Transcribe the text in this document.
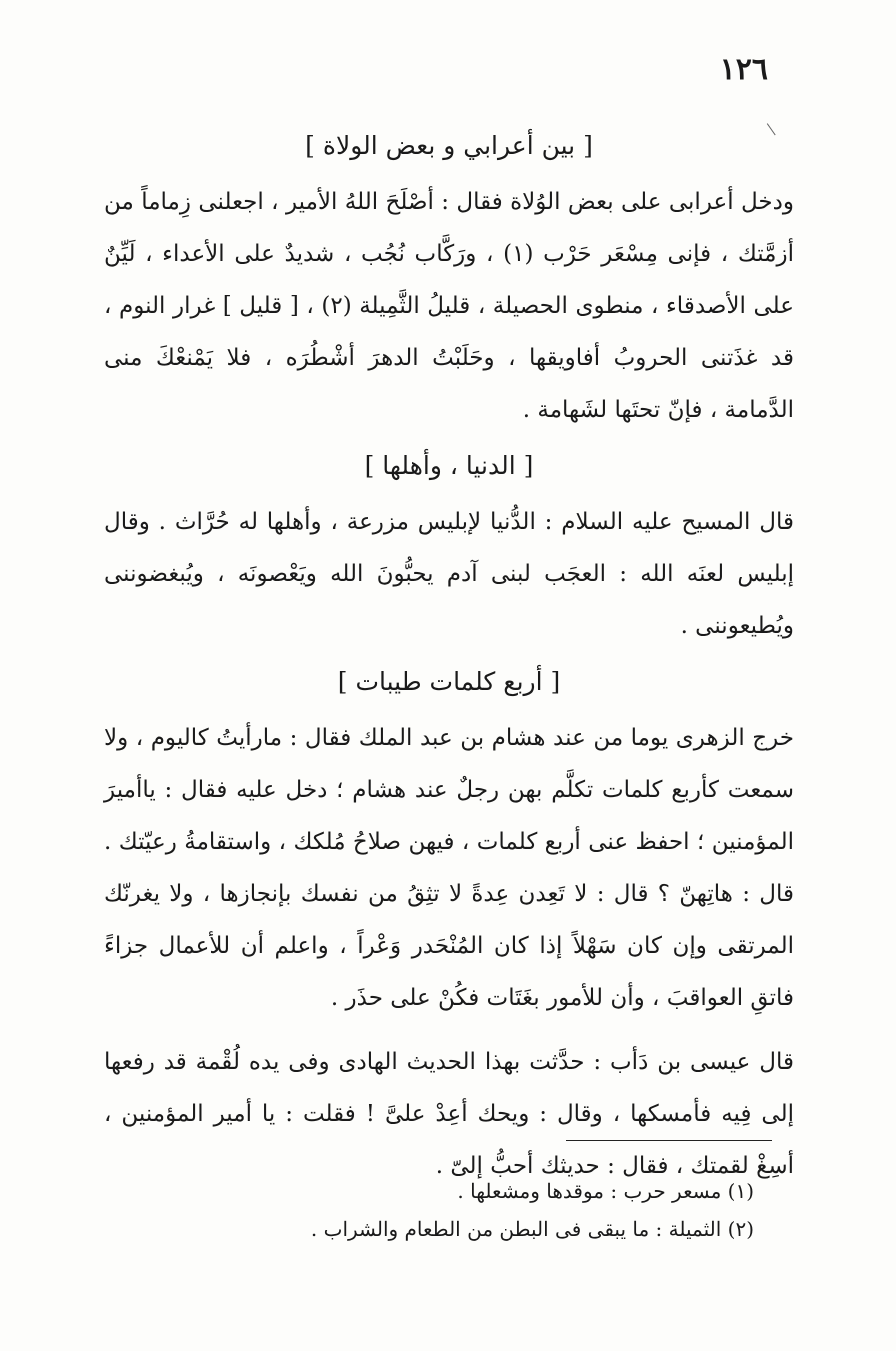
١٢٦
[ بين أعرابي و بعض الولاة ]

ودخل أعرابى على بعض الوُلاة فقال : أصْلَحَ اللهُ الأمير ، اجعلنى زِماماً من أزمَّتك ، فإنى مِسْعَر حَرْب (١) ، ورَكَّاب نُجُب ، شديدٌ على الأعداء ، لَيِّنٌ على الأصدقاء ، منطوى الحصيلة ، قليلُ الثَّمِيلة (٢) ، [ قليل ] غرار النوم ، قد غذَتنى الحروبُ أفاويقها ، وحَلَبْتُ الدهرَ أشْطُرَه ، فلا يَمْنعْكَ منى الدَّمامة ، فإنّ تحتَها لشَهامة .

[ الدنيا ، وأهلها ]

قال المسيح عليه السلام : الدُّنيا لإبليس مزرعة ، وأهلها له حُرَّاث . وقال إبليس لعنَه الله : العجَب لبنى آدم يحبُّونَ الله ويَعْصونَه ، ويُبغضوننى ويُطيعوننى .

[ أربع كلمات طيبات ]

خرج الزهرى يوما من عند هشام بن عبد الملك فقال : مارأيتُ كاليوم ، ولا سمعت كأربع كلمات تكلَّم بهن رجلٌ عند هشام ؛ دخل عليه فقال : ياأميرَ المؤمنين ؛ احفظ عنى أربع كلمات ، فيهن صلاحُ مُلكك ، واستقامةُ رعيّتك . قال : هاتِهنّ ؟ قال : لا تَعِدن عِدةً لا تثِقُ من نفسك بإنجازها ، ولا يغرنّك المرتقى وإن كان سَهْلاً إذا كان المُنْحَدر وَعْراً ، واعلم أن للأعمال جزاءً فاتقِ العواقبَ ، وأن للأمور بغَتَات فكُنْ على حذَر .

قال عيسى بن دَأب : حدَّثت بهذا الحديث الهادى وفى يده لُقْمة قد رفعها إلى فِيه فأمسكها ، وقال : ويحك أعِدْ علىَّ ! فقلت : يا أمير المؤمنين ، أسِغْ لقمتك ، فقال : حديثك أحبُّ إلىّ .

(١) مسعر حرب : موقدها ومشعلها .

(٢) الثميلة : ما يبقى فى البطن من الطعام والشراب .
